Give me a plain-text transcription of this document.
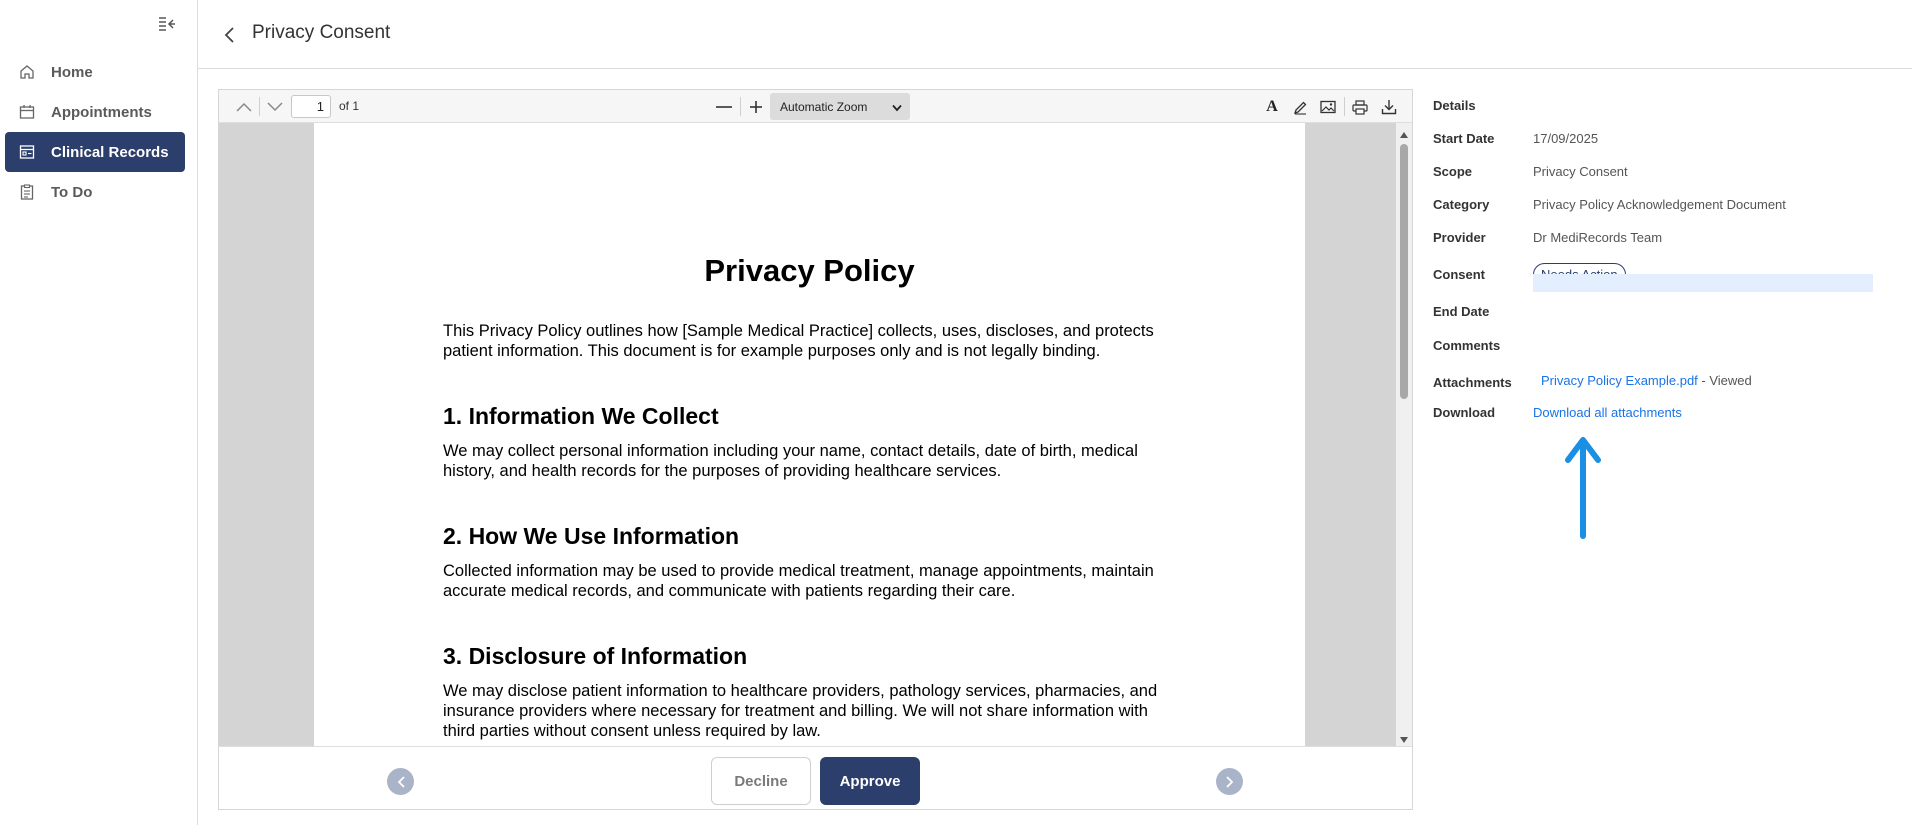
Home
Appointments
Clinical Records
To Do
Privacy Consent
1
of 1	Automatic Zoom	A
Privacy Policy
This Privacy Policy outlines how [Sample Medical Practice] collects, uses, discloses, and protects patient information. This document is for example purposes only and is not legally binding.
1. Information We Collect
We may collect personal information including your name, contact details, date of birth, medical history, and health records for the purposes of providing healthcare services.
2. How We Use Information
Collected information may be used to provide medical treatment, manage appointments, maintain accurate medical records, and communicate with patients regarding their care.
3. Disclosure of Information
We may disclose patient information to healthcare providers, pathology services, pharmacies, and insurance providers where necessary for treatment and billing. We will not share information with third parties without consent unless required by law.
Decline	Approve
Details
Start Date	17/09/2025
Scope	Privacy Consent
Category	Privacy Policy Acknowledgement Document
Provider	Dr MediRecords Team
Consent
End Date
Comments
Attachments Privacy Policy Example.pdf - Viewed
Download	Download all attachments
